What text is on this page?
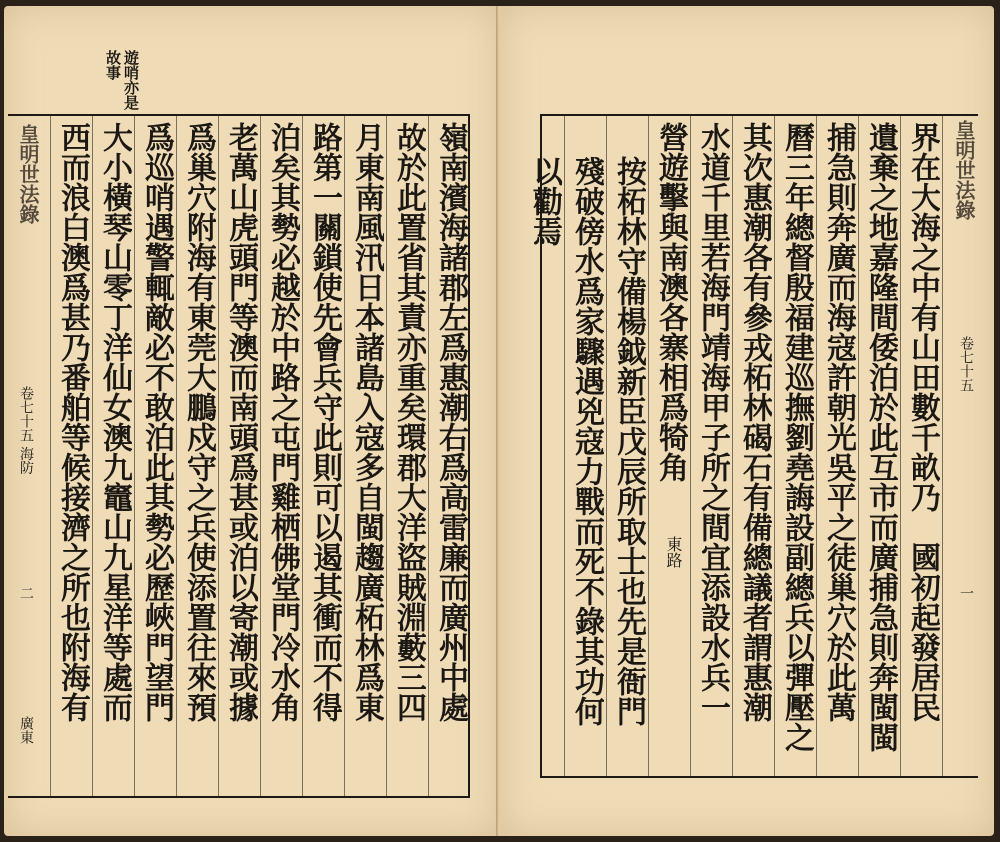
遊哨亦是
故事
嶺南濱海諸郡左爲惠潮右爲高雷廉而廣州中處
故於此置省其責亦重矣環郡大洋盜賊淵藪三四
月東南風汛日本諸島入寇多自閩趨廣柘林爲東
路第一關鎖使先會兵守此則可以遏其衝而不得
泊矣其勢必越於中路之屯門雞栖佛堂門冷水角
老萬山虎頭門等澳而南頭爲甚或泊以寄潮或據
爲巢穴附海有東莞大鵬戍守之兵使添置往來預
爲巡哨遇警輒敵必不敢泊此其勢必歷峽門望門
大小橫琴山零丁洋仙女澳九竈山九星洋等處而
西而浪白澳爲甚乃番舶等候接濟之所也附海有
皇明世法錄
卷七十五 海防
二
廣東
皇明世法錄
卷七十五
一
界在大海之中有山田數千畝乃　國初起發居民
遺棄之地嘉隆間倭泊於此互市而廣捕急則奔閩閩
捕急則奔廣而海寇許朝光吳平之徒巢穴於此萬
曆三年總督殷福建巡撫劉堯誨設副總兵以彈壓之
其次惠潮各有參戎柘林碣石有備總議者謂惠潮
水道千里若海門靖海甲子所之間宜添設水兵一
營遊擊與南澳各寨相爲犄角
東路
按柘林守備楊鉞新臣戊辰所取士也先是衙門
殘破傍水爲家驟遇兇寇力戰而死不錄其功何
以勸焉
